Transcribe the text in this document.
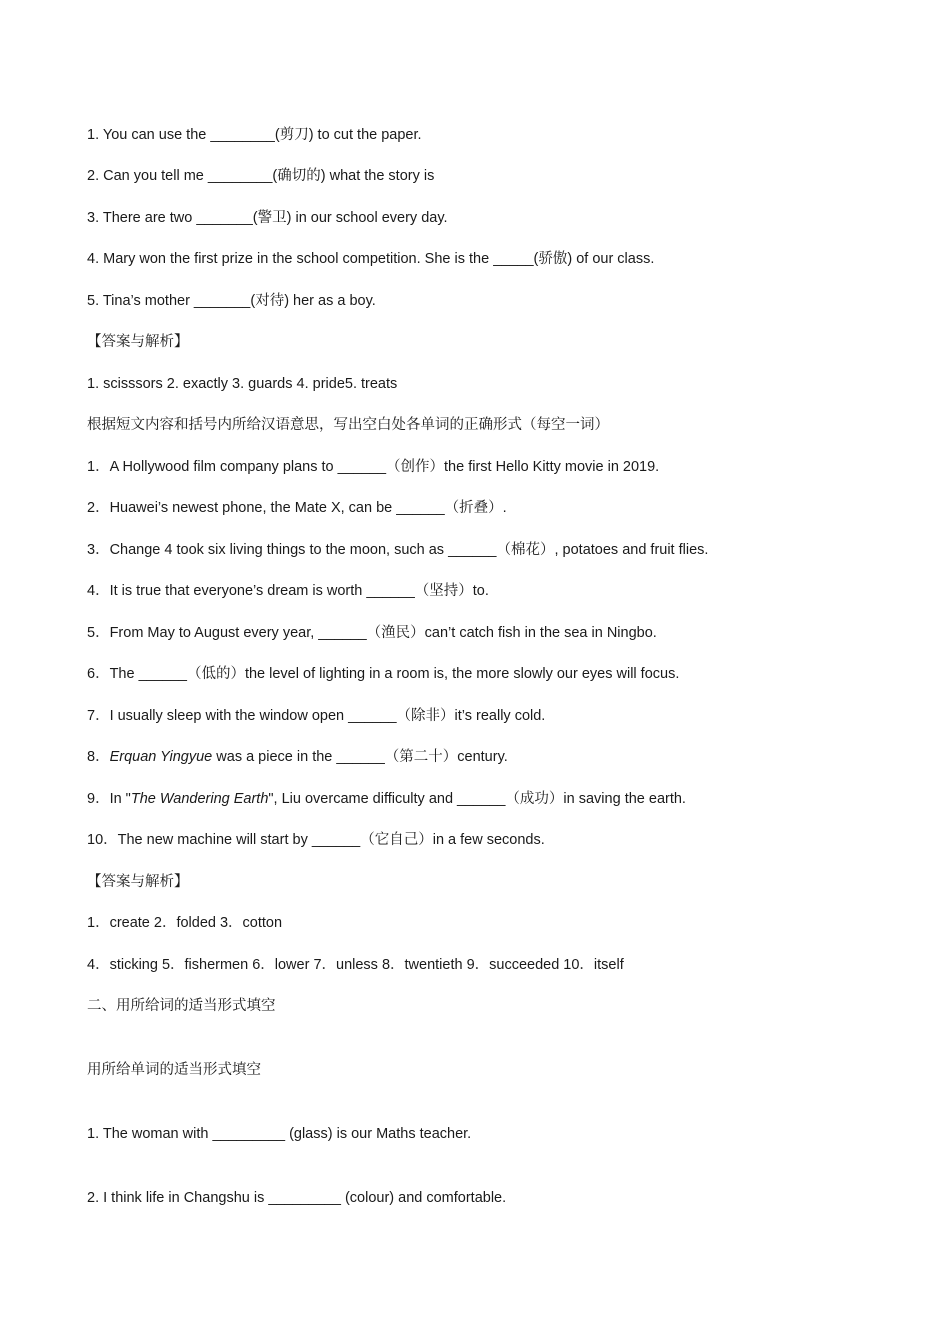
1. You can use the ________(剪刀) to cut the paper.
2. Can you tell me ________(确切的) what the story is
3. There are two _______(警卫) in our school every day.
4. Mary won the first prize in the school competition. She is the _____(骄傲) of our class.
5. Tina’s mother _______(对待) her as a boy.
【答案与解析】
1. scisssors 2. exactly 3. guards 4. pride5. treats
根据短文内容和括号内所给汉语意思，写出空白处各单词的正确形式（每空一词）
1．A Hollywood film company plans to ______（创作）the first Hello Kitty movie in 2019.
2．Huawei’s newest phone, the Mate X, can be ______（折叠）.
3．Change 4 took six living things to the moon, such as ______（棉花）, potatoes and fruit flies.
4．It is true that everyone’s dream is worth ______（坚持）to.
5．From May to August every year, ______（渔民）can’t catch fish in the sea in Ningbo.
6．The ______（低的）the level of lighting in a room is, the more slowly our eyes will focus.
7．I usually sleep with the window open ______（除非）it’s really cold.
8．Erquan Yingyue was a piece in the ______（第二十）century.
9．In "The Wandering Earth", Liu overcame difficulty and ______（成功）in saving the earth.
10．The new machine will start by ______（它自己）in a few seconds.
【答案与解析】
1．create 2．folded 3．cotton
4．sticking 5．fishermen 6．lower 7．unless 8．twentieth 9．succeeded 10．itself
二、用所给词的适当形式填空
用所给单词的适当形式填空
1. The woman with _________ (glass) is our Maths teacher.
2. I think life in Changshu is _________ (colour) and comfortable.
